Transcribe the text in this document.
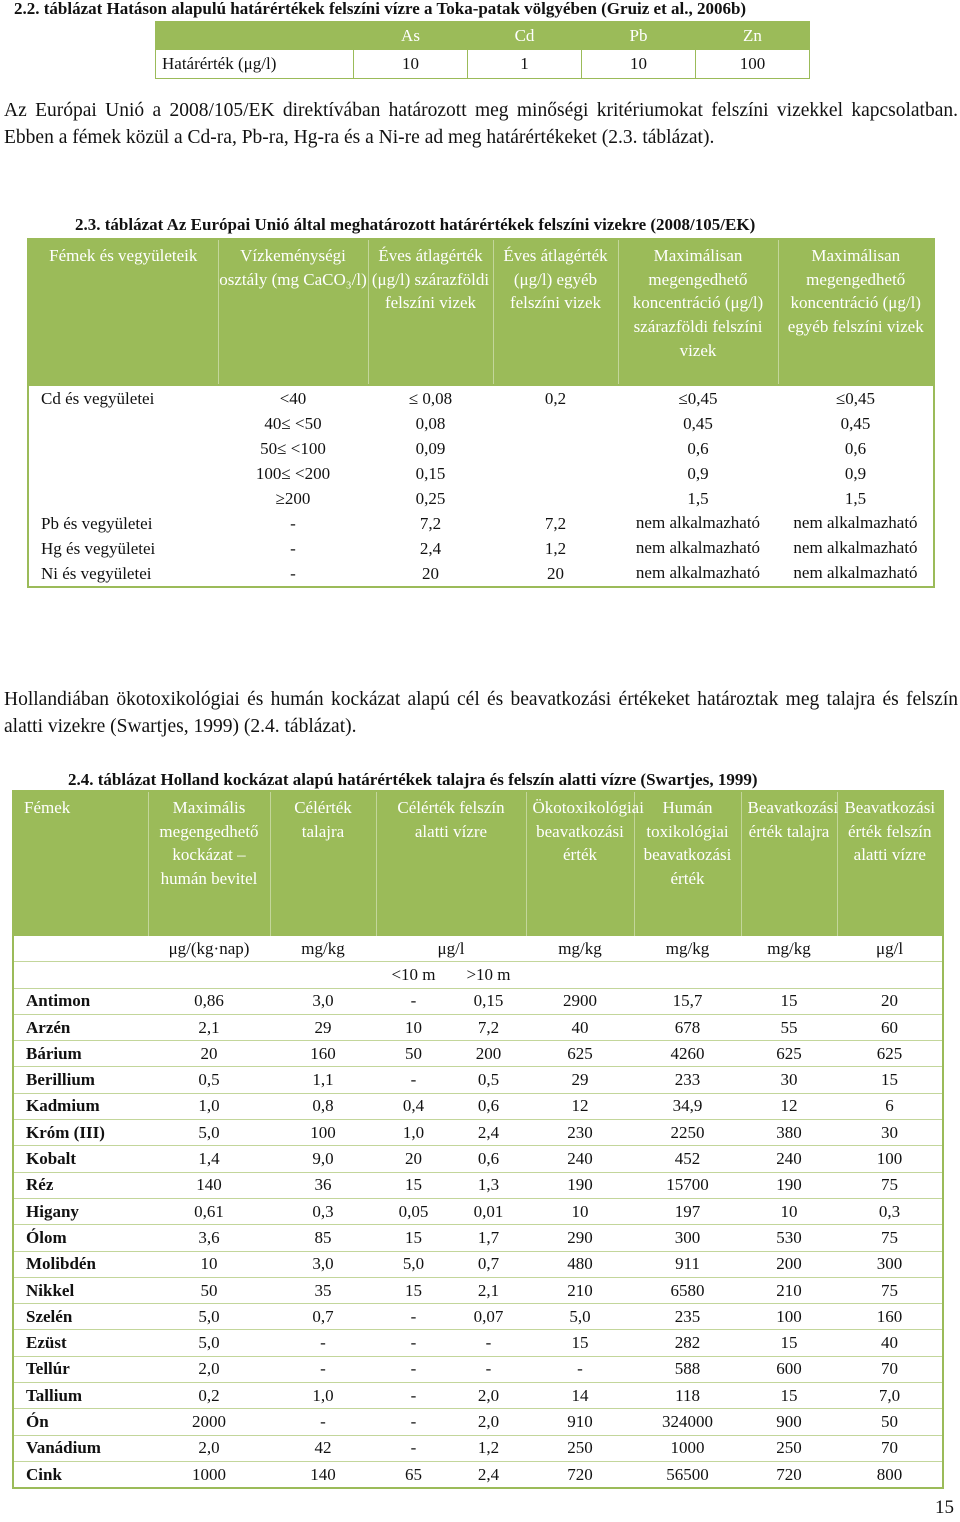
2.2. táblázat Hatáson alapulú határértékek felszíni vízre a Toka-patak völgyében (Gruiz et al., 2006b)
	As	Cd	Pb	Zn
Határérték (μg/l)	10	1	10	100
Az Európai Unió a 2008/105/EK direktívában határozott meg minőségi kritériumokat felszíni vizekkel kapcsolatban. Ebben a fémek közül a Cd-ra, Pb-ra, Hg-ra és a Ni-re ad meg határértékeket (2.3. táblázat).
2.3. táblázat Az Európai Unió által meghatározott határértékek felszíni vizekre (2008/105/EK)
Fémek és vegyületeik	Vízkeménységi osztály (mg CaCO₃/l)	Éves átlagérték (μg/l) szárazföldi felszíni vizek	Éves átlagérték (μg/l) egyéb felszíni vizek	Maximálisan megengedhető koncentráció (μg/l) szárazföldi felszíni vizek	Maximálisan megengedhető koncentráció (μg/l) egyéb felszíni vizek
Cd és vegyületei	<40	≤ 0,08	0,2	≤0,45	≤0,45
	40≤ <50	0,08		0,45	0,45
	50≤ <100	0,09		0,6	0,6
	100≤ <200	0,15		0,9	0,9
	≥200	0,25		1,5	1,5
Pb és vegyületei	-	7,2	7,2	nem alkalmazható	nem alkalmazható
Hg és vegyületei	-	2,4	1,2	nem alkalmazható	nem alkalmazható
Ni és vegyületei	-	20	20	nem alkalmazható	nem alkalmazható
Hollandiában ökotoxikológiai és humán kockázat alapú cél és beavatkozási értékeket határoztak meg talajra és felszín alatti vizekre (Swartjes, 1999) (2.4. táblázat).
2.4. táblázat Holland kockázat alapú határértékek talajra és felszín alatti vízre (Swartjes, 1999)
Fémek	Maximális megengedhető kockázat – humán bevitel	Célérték talajra	Célérték felszín alatti vízre		Ökotoxikológiai beavatkozási érték	Humán toxikológiai beavatkozási érték	Beavatkozási érték talajra	Beavatkozási érték felszín alatti vízre
	μg/(kg·nap)	mg/kg	μg/l		mg/kg	mg/kg	mg/kg	μg/l
			<10 m	>10 m				
Antimon	0,86	3,0	-	0,15	2900	15,7	15	20
Arzén	2,1	29	10	7,2	40	678	55	60
Bárium	20	160	50	200	625	4260	625	625
Berillium	0,5	1,1	-	0,5	29	233	30	15
Kadmium	1,0	0,8	0,4	0,6	12	34,9	12	6
Króm (III)	5,0	100	1,0	2,4	230	2250	380	30
Kobalt	1,4	9,0	20	0,6	240	452	240	100
Réz	140	36	15	1,3	190	15700	190	75
Higany	0,61	0,3	0,05	0,01	10	197	10	0,3
Ólom	3,6	85	15	1,7	290	300	530	75
Molibdén	10	3,0	5,0	0,7	480	911	200	300
Nikkel	50	35	15	2,1	210	6580	210	75
Szelén	5,0	0,7	-	0,07	5,0	235	100	160
Ezüst	5,0	-	-	-	15	282	15	40
Tellúr	2,0	-	-	-	-	588	600	70
Tallium	0,2	1,0	-	2,0	14	118	15	7,0
Ón	2000	-	-	2,0	910	324000	900	50
Vanádium	2,0	42	-	1,2	250	1000	250	70
Cink	1000	140	65	2,4	720	56500	720	800
15
